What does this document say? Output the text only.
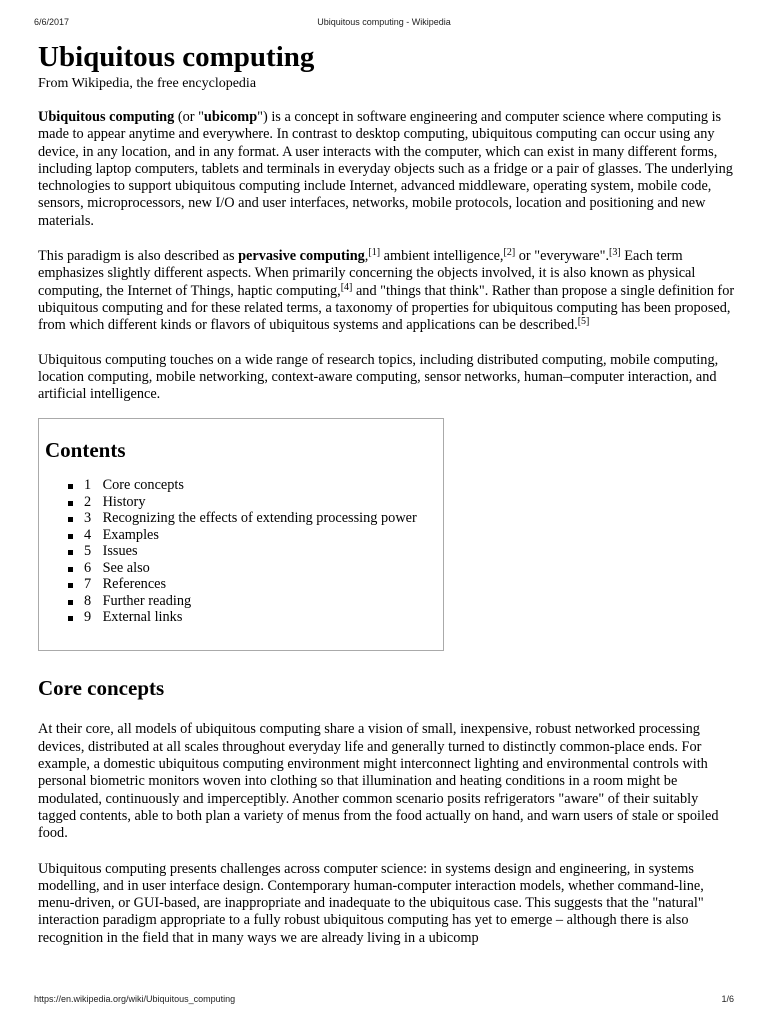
6/6/2017	Ubiquitous computing - Wikipedia
Ubiquitous computing
From Wikipedia, the free encyclopedia

Ubiquitous computing (or "ubicomp") is a concept in software engineering and computer science where computing is made to appear anytime and everywhere. In contrast to desktop computing, ubiquitous computing can occur using any device, in any location, and in any format. A user interacts with the computer, which can exist in many different forms, including laptop computers, tablets and terminals in everyday objects such as a fridge or a pair of glasses. The underlying technologies to support ubiquitous computing include Internet, advanced middleware, operating system, mobile code, sensors, microprocessors, new I/O and user interfaces, networks, mobile protocols, location and positioning and new materials.

This paradigm is also described as pervasive computing,[1] ambient intelligence,[2] or "everyware".[3] Each term emphasizes slightly different aspects. When primarily concerning the objects involved, it is also known as physical computing, the Internet of Things, haptic computing,[4] and "things that think". Rather than propose a single definition for ubiquitous computing and for these related terms, a taxonomy of properties for ubiquitous computing has been proposed, from which different kinds or flavors of ubiquitous systems and applications can be described.[5]

Ubiquitous computing touches on a wide range of research topics, including distributed computing, mobile computing, location computing, mobile networking, context-aware computing, sensor networks, human–computer interaction, and artificial intelligence.

Contents
1 Core concepts
2 History
3 Recognizing the effects of extending processing power
4 Examples
5 Issues
6 See also
7 References
8 Further reading
9 External links
Core concepts

At their core, all models of ubiquitous computing share a vision of small, inexpensive, robust networked processing devices, distributed at all scales throughout everyday life and generally turned to distinctly common-place ends. For example, a domestic ubiquitous computing environment might interconnect lighting and environmental controls with personal biometric monitors woven into clothing so that illumination and heating conditions in a room might be modulated, continuously and imperceptibly. Another common scenario posits refrigerators "aware" of their suitably tagged contents, able to both plan a variety of menus from the food actually on hand, and warn users of stale or spoiled food.

Ubiquitous computing presents challenges across computer science: in systems design and engineering, in systems modelling, and in user interface design. Contemporary human-computer interaction models, whether command-line, menu-driven, or GUI-based, are inappropriate and inadequate to the ubiquitous case. This suggests that the "natural" interaction paradigm appropriate to a fully robust ubiquitous computing has yet to emerge – although there is also recognition in the field that in many ways we are already living in a ubicomp

https://en.wikipedia.org/wiki/Ubiquitous_computing	1/6
